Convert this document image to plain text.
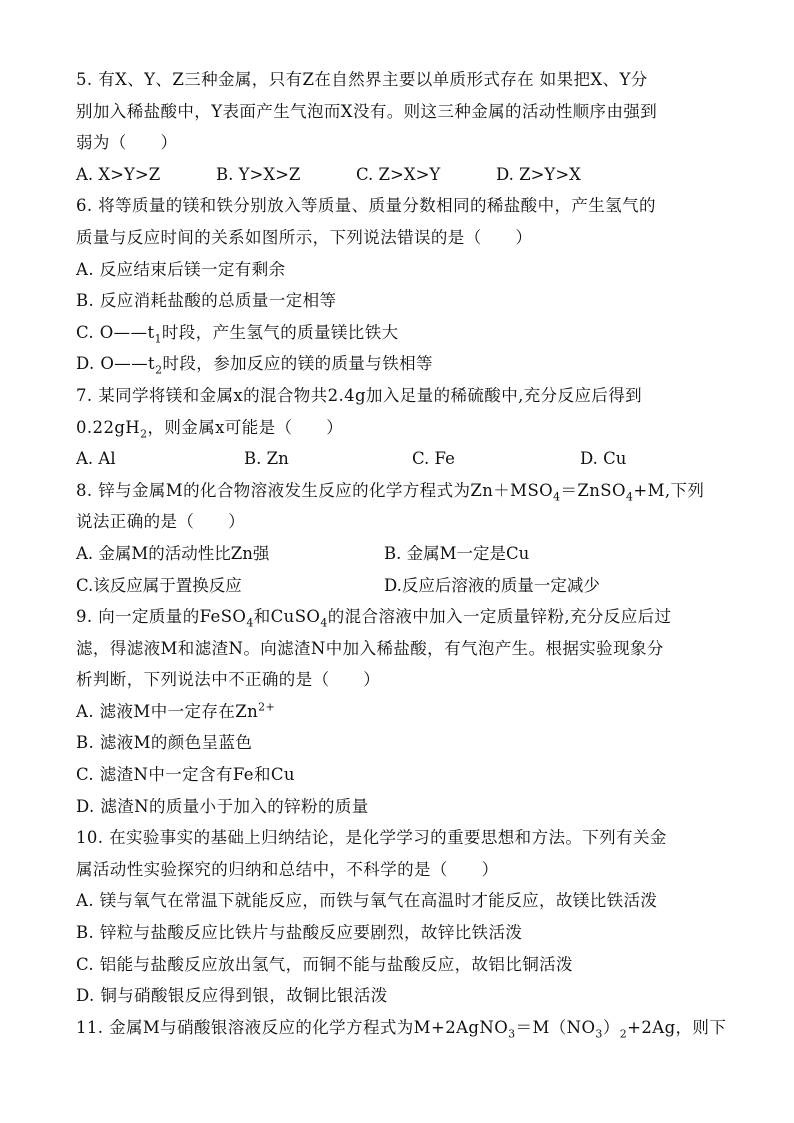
5. 有X、Y、Z三种金属，只有Z在自然界主要以单质形式存在 如果把X、Y分
别加入稀盐酸中，Y表面产生气泡而X没有。则这三种金属的活动性顺序由强到
弱为（　　）
A. X>Y>Z	B. Y>X>Z	C. Z>X>Y	D. Z>Y>X
6. 将等质量的镁和铁分别放入等质量、质量分数相同的稀盐酸中，产生氢气的
质量与反应时间的关系如图所示，下列说法错误的是（　　）
A. 反应结束后镁一定有剩余
B. 反应消耗盐酸的总质量一定相等
C. $O——t_1$时段，产生氢气的质量镁比铁大
D. $O——t_2$时段，参加反应的镁的质量与铁相等
7. 某同学将镁和金属x的混合物共2.4g加入足量的稀硫酸中,充分反应后得到
$0.22gH_2$，则金属x可能是（　　）
A. Al	B. Zn	C. Fe	D. Cu
8. 锌与金属M的化合物溶液发生反应的化学方程式为$Zn+MSO_4=ZnSO_4+M$,下列
说法正确的是（　　）
A. 金属M的活动性比Zn强	B. 金属M一定是Cu
C.该反应属于置换反应	D.反应后溶液的质量一定减少
9. 向一定质量的FeSO$_4$和CuSO$_4$的混合溶液中加入一定质量锌粉,充分反应后过
滤，得滤液M和滤渣N。向滤渣N中加入稀盐酸，有气泡产生。根据实验现象分
析判断，下列说法中不正确的是（　　）
A. 滤液M中一定存在$Zn^{2+}$
B. 滤液M的颜色呈蓝色
C. 滤渣N中一定含有Fe和Cu
D. 滤渣N的质量小于加入的锌粉的质量
10. 在实验事实的基础上归纳结论，是化学学习的重要思想和方法。下列有关金
属活动性实验探究的归纳和总结中，不科学的是（　　）
A. 镁与氧气在常温下就能反应，而铁与氧气在高温时才能反应，故镁比铁活泼
B. 锌粒与盐酸反应比铁片与盐酸反应要剧烈，故锌比铁活泼
C. 铝能与盐酸反应放出氢气，而铜不能与盐酸反应，故铝比铜活泼
D. 铜与硝酸银反应得到银，故铜比银活泼
11. 金属M与硝酸银溶液反应的化学方程式为$M+2AgNO_3=M(NO_3)_2+2Ag$，则下
